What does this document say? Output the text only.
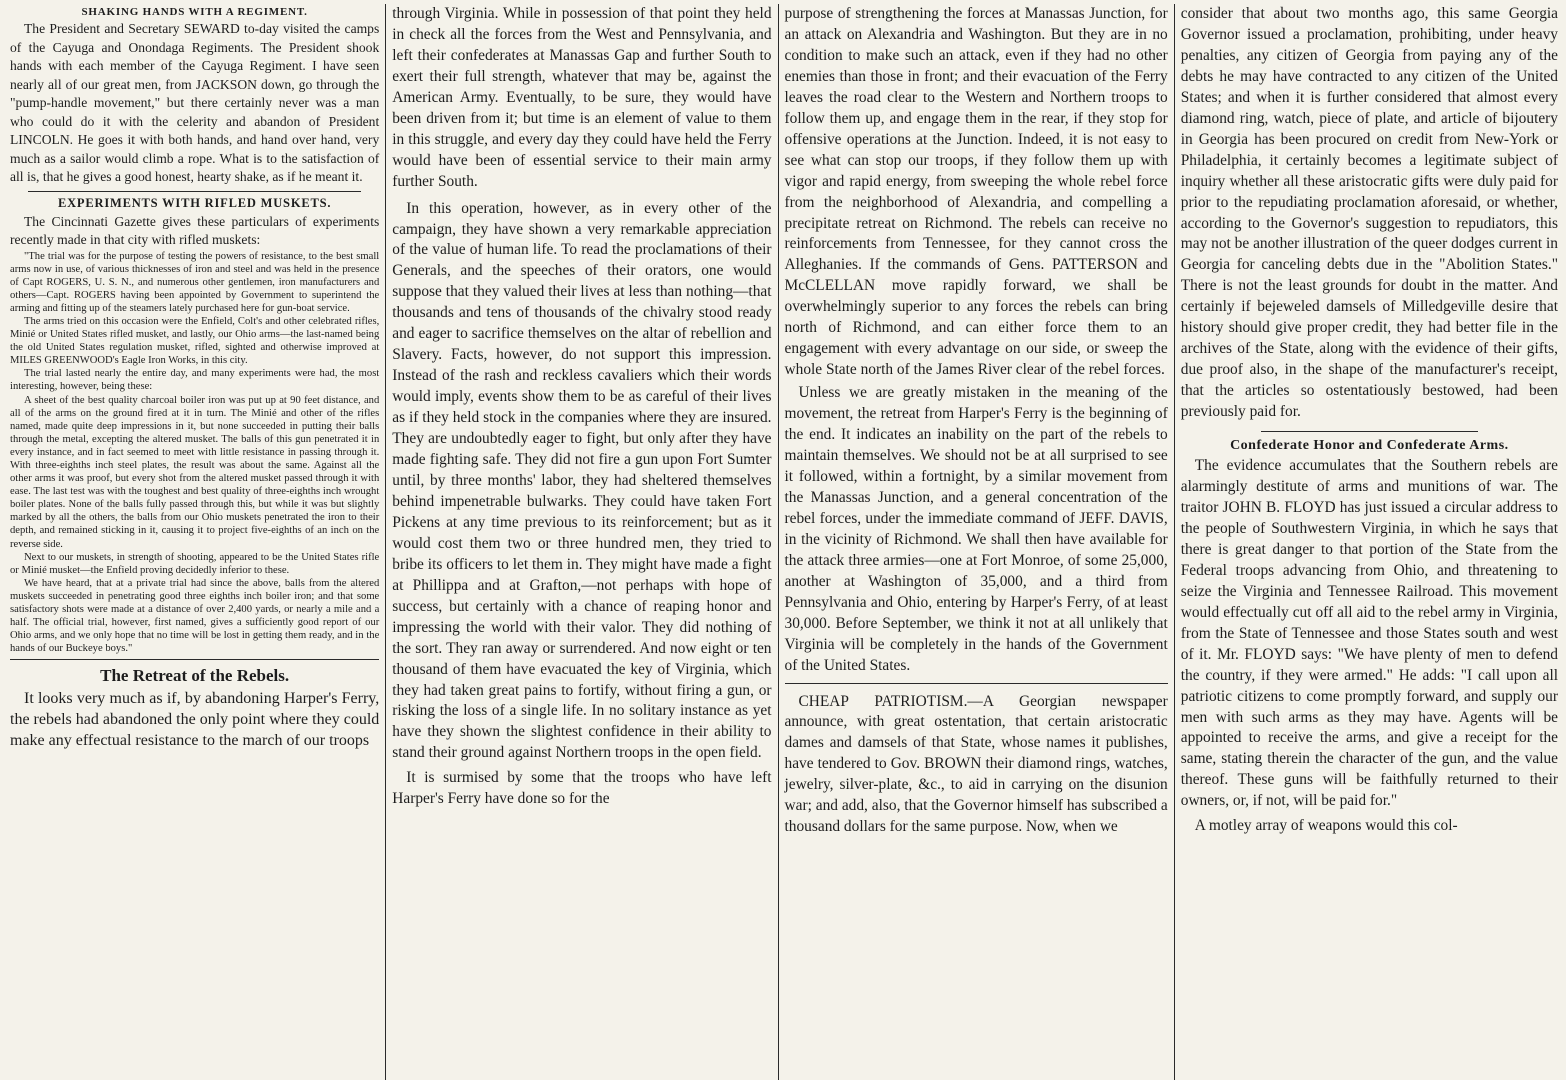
SHAKING HANDS WITH A REGIMENT.

The President and Secretary SEWARD to-day visited the camps of the Cayuga and Onondaga Regiments. The President shook hands with each member of the Cayuga Regiment. I have seen nearly all of our great men, from JACKSON down, go through the "pump-handle movement," but there certainly never was a man who could do it with the celerity and abandon of President LINCOLN. He goes it with both hands, and hand over hand, very much as a sailor would climb a rope. What is to the satisfaction of all is, that he gives a good honest, hearty shake, as if he meant it.

EXPERIMENTS WITH RIFLED MUSKETS.

The Cincinnati Gazette gives these particulars of experiments recently made in that city with rifled muskets:

"The trial was for the purpose of testing the powers of resistance, to the best small arms now in use, of various thicknesses of iron and steel and was held in the presence of Capt ROGERS, U. S. N., and numerous other gentlemen, iron manufacturers and others—Capt. ROGERS having been appointed by Government to superintend the arming and fitting up of the steamers lately purchased here for gun-boat service.

The arms tried on this occasion were the Enfield, Colt's and other celebrated rifles, Minié or United States rifled musket, and lastly, our Ohio arms—the last-named being the old United States regulation musket, rifled, sighted and otherwise improved at MILES GREENWOOD's Eagle Iron Works, in this city.

The trial lasted nearly the entire day, and many experiments were had, the most interesting, however, being these:

A sheet of the best quality charcoal boiler iron was put up at 90 feet distance, and all of the arms on the ground fired at it in turn. The Minié and other of the rifles named, made quite deep impressions in it, but none succeeded in putting their balls through the metal, excepting the altered musket. The balls of this gun penetrated it in every instance, and in fact seemed to meet with little resistance in passing through it. With three-eighths inch steel plates, the result was about the same. Against all the other arms it was proof, but every shot from the altered musket passed through it with ease. The last test was with the toughest and best quality of three-eighths inch wrought boiler plates. None of the balls fully passed through this, but while it was but slightly marked by all the others, the balls from our Ohio muskets penetrated the iron to their depth, and remained sticking in it, causing it to project five-eighths of an inch on the reverse side.

Next to our muskets, in strength of shooting, appeared to be the United States rifle or Minié musket—the Enfield proving decidedly inferior to these.

We have heard, that at a private trial had since the above, balls from the altered muskets succeeded in penetrating good three eighths inch boiler iron; and that some satisfactory shots were made at a distance of over 2,400 yards, or nearly a mile and a half. The official trial, however, first named, gives a sufficiently good report of our Ohio arms, and we only hope that no time will be lost in getting them ready, and in the hands of our Buckeye boys."

The Retreat of the Rebels.

It looks very much as if, by abandoning Harper's Ferry, the rebels had abandoned the only point where they could make any effectual resistance to the march of our troops

through Virginia. While in possession of that point they held in check all the forces from the West and Pennsylvania, and left their confederates at Manassas Gap and further South to exert their full strength, whatever that may be, against the American Army. Eventually, to be sure, they would have been driven from it; but time is an element of value to them in this struggle, and every day they could have held the Ferry would have been of essential service to their main army further South.

In this operation, however, as in every other of the campaign, they have shown a very remarkable appreciation of the value of human life. To read the proclamations of their Generals, and the speeches of their orators, one would suppose that they valued their lives at less than nothing—that thousands and tens of thousands of the chivalry stood ready and eager to sacrifice themselves on the altar of rebellion and Slavery. Facts, however, do not support this impression. Instead of the rash and reckless cavaliers which their words would imply, events show them to be as careful of their lives as if they held stock in the companies where they are insured. They are undoubtedly eager to fight, but only after they have made fighting safe. They did not fire a gun upon Fort Sumter until, by three months' labor, they had sheltered themselves behind impenetrable bulwarks. They could have taken Fort Pickens at any time previous to its reinforcement; but as it would cost them two or three hundred men, they tried to bribe its officers to let them in. They might have made a fight at Phillippa and at Grafton,—not perhaps with hope of success, but certainly with a chance of reaping honor and impressing the world with their valor. They did nothing of the sort. They ran away or surrendered. And now eight or ten thousand of them have evacuated the key of Virginia, which they had taken great pains to fortify, without firing a gun, or risking the loss of a single life. In no solitary instance as yet have they shown the slightest confidence in their ability to stand their ground against Northern troops in the open field.

It is surmised by some that the troops who have left Harper's Ferry have done so for the

purpose of strengthening the forces at Manassas Junction, for an attack on Alexandria and Washington. But they are in no condition to make such an attack, even if they had no other enemies than those in front; and their evacuation of the Ferry leaves the road clear to the Western and Northern troops to follow them up, and engage them in the rear, if they stop for offensive operations at the Junction. Indeed, it is not easy to see what can stop our troops, if they follow them up with vigor and rapid energy, from sweeping the whole rebel force from the neighborhood of Alexandria, and compelling a precipitate retreat on Richmond. The rebels can receive no reinforcements from Tennessee, for they cannot cross the Alleghanies. If the commands of Gens. PATTERSON and McCLELLAN move rapidly forward, we shall be overwhelmingly superior to any forces the rebels can bring north of Richmond, and can either force them to an engagement with every advantage on our side, or sweep the whole State north of the James River clear of the rebel forces.

Unless we are greatly mistaken in the meaning of the movement, the retreat from Harper's Ferry is the beginning of the end. It indicates an inability on the part of the rebels to maintain themselves. We should not be at all surprised to see it followed, within a fortnight, by a similar movement from the Manassas Junction, and a general concentration of the rebel forces, under the immediate command of JEFF. DAVIS, in the vicinity of Richmond. We shall then have available for the attack three armies—one at Fort Monroe, of some 25,000, another at Washington of 35,000, and a third from Pennsylvania and Ohio, entering by Harper's Ferry, of at least 30,000. Before September, we think it not at all unlikely that Virginia will be completely in the hands of the Government of the United States.

CHEAP PATRIOTISM.—A Georgian newspaper announce, with great ostentation, that certain aristocratic dames and damsels of that State, whose names it publishes, have tendered to Gov. BROWN their diamond rings, watches, jewelry, silver-plate, &c., to aid in carrying on the disunion war; and add, also, that the Governor himself has subscribed a thousand dollars for the same purpose. Now, when we

consider that about two months ago, this same Georgia Governor issued a proclamation, prohibiting, under heavy penalties, any citizen of Georgia from paying any of the debts he may have contracted to any citizen of the United States; and when it is further considered that almost every diamond ring, watch, piece of plate, and article of bijoutery in Georgia has been procured on credit from New-York or Philadelphia, it certainly becomes a legitimate subject of inquiry whether all these aristocratic gifts were duly paid for prior to the repudiating proclamation aforesaid, or whether, according to the Governor's suggestion to repudiators, this may not be another illustration of the queer dodges current in Georgia for canceling debts due in the "Abolition States." There is not the least grounds for doubt in the matter. And certainly if bejeweled damsels of Milledgeville desire that history should give proper credit, they had better file in the archives of the State, along with the evidence of their gifts, due proof also, in the shape of the manufacturer's receipt, that the articles so ostentatiously bestowed, had been previously paid for.

Confederate Honor and Confederate Arms.

The evidence accumulates that the Southern rebels are alarmingly destitute of arms and munitions of war. The traitor JOHN B. FLOYD has just issued a circular address to the people of Southwestern Virginia, in which he says that there is great danger to that portion of the State from the Federal troops advancing from Ohio, and threatening to seize the Virginia and Tennessee Railroad. This movement would effectually cut off all aid to the rebel army in Virginia, from the State of Tennessee and those States south and west of it. Mr. FLOYD says: "We have plenty of men to defend the country, if they were armed." He adds: "I call upon all patriotic citizens to come promptly forward, and supply our men with such arms as they may have. Agents will be appointed to receive the arms, and give a receipt for the same, stating therein the character of the gun, and the value thereof. These guns will be faithfully returned to their owners, or, if not, will be paid for."

A motley array of weapons would this col-
